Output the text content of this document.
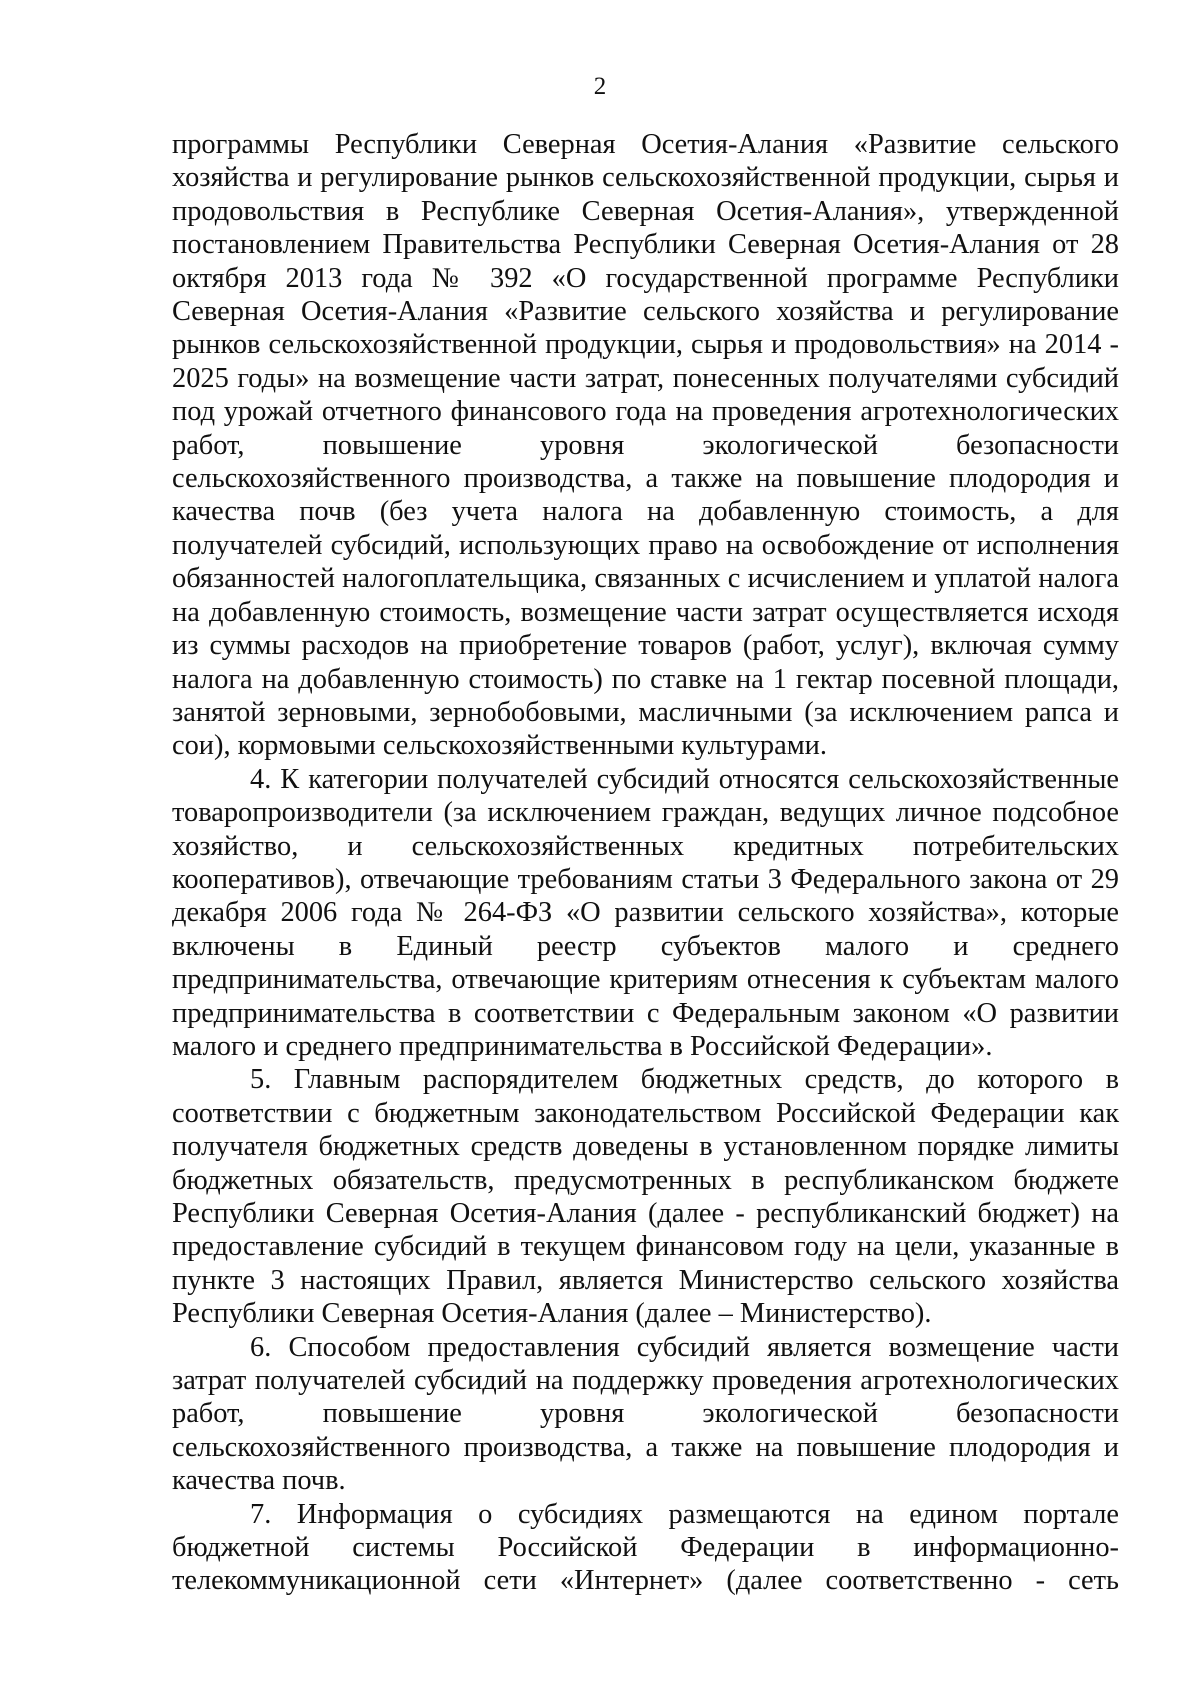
2

программы Республики Северная Осетия-Алания «Развитие сельского хозяйства и регулирование рынков сельскохозяйственной продукции, сырья и продовольствия в Республике Северная Осетия-Алания», утвержденной постановлением Правительства Республики Северная Осетия-Алания от 28 октября 2013 года № 392 «О государственной программе Республики Северная Осетия-Алания «Развитие сельского хозяйства и регулирование рынков сельскохозяйственной продукции, сырья и продовольствия» на 2014 - 2025 годы» на возмещение части затрат, понесенных получателями субсидий под урожай отчетного финансового года на проведения агротехнологических работ, повышение уровня экологической безопасности сельскохозяйственного производства, а также на повышение плодородия и качества почв (без учета налога на добавленную стоимость, а для получателей субсидий, использующих право на освобождение от исполнения обязанностей налогоплательщика, связанных с исчислением и уплатой налога на добавленную стоимость, возмещение части затрат осуществляется исходя из суммы расходов на приобретение товаров (работ, услуг), включая сумму налога на добавленную стоимость) по ставке на 1 гектар посевной площади, занятой зерновыми, зернобобовыми, масличными (за исключением рапса и сои), кормовыми сельскохозяйственными культурами.

4. К категории получателей субсидий относятся сельскохозяйственные товаропроизводители (за исключением граждан, ведущих личное подсобное хозяйство, и сельскохозяйственных кредитных потребительских кооперативов), отвечающие требованиям статьи 3 Федерального закона от 29 декабря 2006 года № 264-ФЗ «О развитии сельского хозяйства», которые включены в Единый реестр субъектов малого и среднего предпринимательства, отвечающие критериям отнесения к субъектам малого предпринимательства в соответствии с Федеральным законом «О развитии малого и среднего предпринимательства в Российской Федерации».

5. Главным распорядителем бюджетных средств, до которого в соответствии с бюджетным законодательством Российской Федерации как получателя бюджетных средств доведены в установленном порядке лимиты бюджетных обязательств, предусмотренных в республиканском бюджете Республики Северная Осетия-Алания (далее - республиканский бюджет) на предоставление субсидий в текущем финансовом году на цели, указанные в пункте 3 настоящих Правил, является Министерство сельского хозяйства Республики Северная Осетия-Алания (далее – Министерство).

6. Способом предоставления субсидий является возмещение части затрат получателей субсидий на поддержку проведения агротехнологических работ, повышение уровня экологической безопасности сельскохозяйственного производства, а также на повышение плодородия и качества почв.

7. Информация о субсидиях размещаются на едином портале бюджетной системы Российской Федерации в информационно-телекоммуникационной сети «Интернет» (далее соответственно - сеть
